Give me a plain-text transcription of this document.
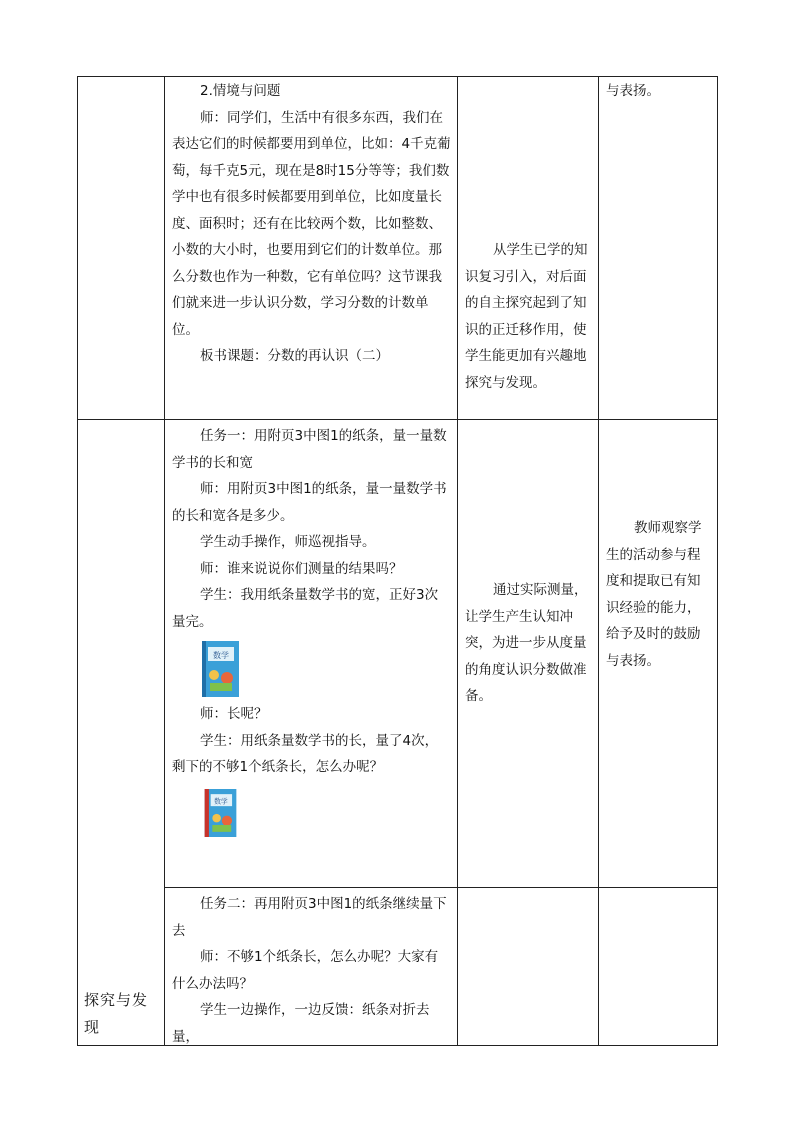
2.情境与问题

师：同学们，生活中有很多东西，我们在表达它们的时候都要用到单位，比如：4千克葡萄，每千克5元，现在是8时15分等等；我们数学中也有很多时候都要用到单位，比如度量长度、面积时；还有在比较两个数，比如整数、小数的大小时，也要用到它们的计数单位。那么分数也作为一种数，它有单位吗？这节课我们就来进一步认识分数，学习分数的计数单位。

板书课题：分数的再认识（二）

从学生已学的知识复习引入，对后面的自主探究起到了知识的正迁移作用，使学生能更加有兴趣地探究与发现。

与表扬。

任务一：用附页3中图1的纸条，量一量数学书的长和宽

师：用附页3中图1的纸条，量一量数学书的长和宽各是多少。

学生动手操作，师巡视指导。

师：谁来说说你们测量的结果吗？

学生：我用纸条量数学书的宽，正好3次量完。

数学

师：长呢？

学生：用纸条量数学书的长，量了4次，剩下的不够1个纸条长，怎么办呢？

数学

通过实际测量，让学生产生认知冲突，为进一步从度量的角度认识分数做准备。

教师观察学生的活动参与程度和提取已有知识经验的能力，给予及时的鼓励与表扬。

探究与发现

任务二：再用附页3中图1的纸条继续量下去

师：不够1个纸条长，怎么办呢？大家有什么办法吗？

学生一边操作，一边反馈：纸条对折去量，
